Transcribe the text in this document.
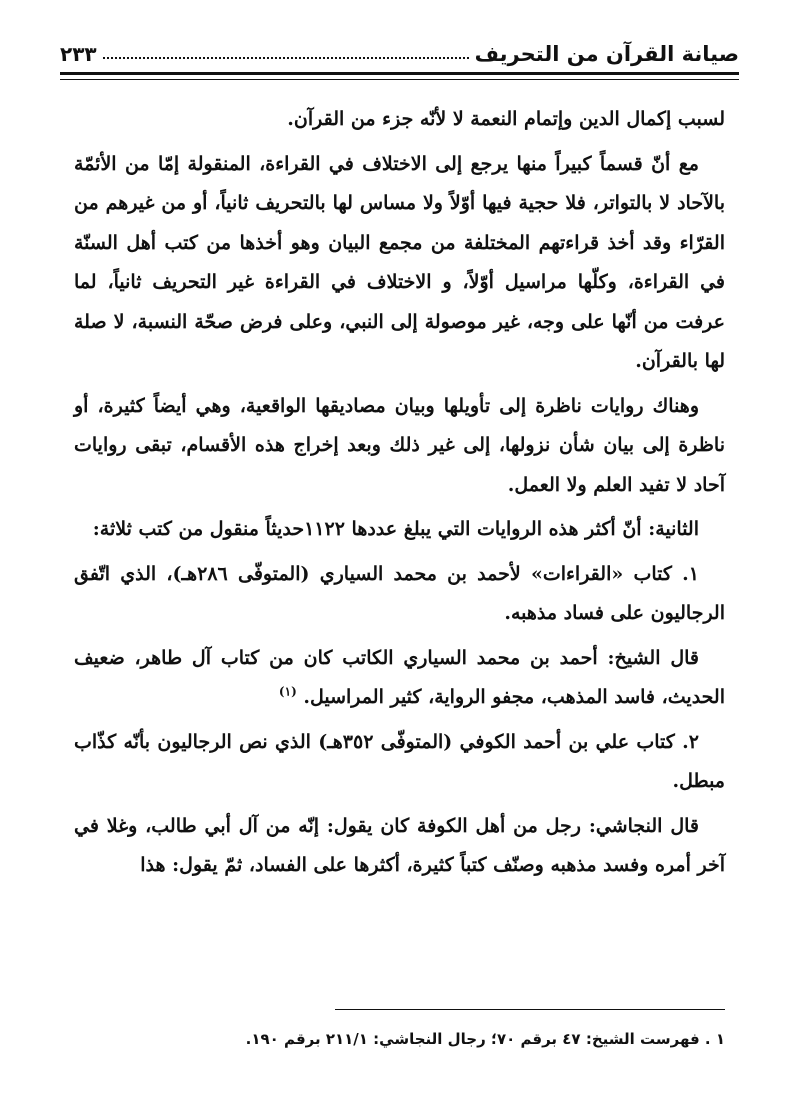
صيانة القرآن من التحريف
٢٣٣

لسبب إكمال الدين وإتمام النعمة لا لأنّه جزء من القرآن.

مع أنّ قسماً كبيراً منها يرجع إلى الاختلاف في القراءة، المنقولة إمّا من الأئمّة بالآحاد لا بالتواتر، فلا حجية فيها أوّلاً ولا مساس لها بالتحريف ثانياً، أو من غيرهم من القرّاء وقد أخذ قراءتهم المختلفة من مجمع البيان وهو أخذها من كتب أهل السنّة في القراءة، وكلّها مراسيل أوّلاً، و الاختلاف في القراءة غير التحريف ثانياً، لما عرفت من أنّها على وجه، غير موصولة إلى النبي، وعلى فرض صحّة النسبة، لا صلة لها بالقرآن.

وهناك روايات ناظرة إلى تأويلها وبيان مصاديقها الواقعية، وهي أيضاً كثيرة، أو ناظرة إلى بيان شأن نزولها، إلى غير ذلك وبعد إخراج هذه الأقسام، تبقى روايات آحاد لا تفيد العلم ولا العمل.

الثانية: أنّ أكثر هذه الروايات التي يبلغ عددها ١١٢٢حديثاً منقول من كتب ثلاثة:

١. كتاب «القراءات» لأحمد بن محمد السياري (المتوفّى ٢٨٦هـ)، الذي اتّفق الرجاليون على فساد مذهبه.

قال الشيخ: أحمد بن محمد السياري الكاتب كان من كتاب آل طاهر، ضعيف الحديث، فاسد المذهب، مجفو الرواية، كثير المراسيل. $^{(١)}$

٢. كتاب علي بن أحمد الكوفي (المتوفّى ٣٥٢هـ) الذي نص الرجاليون بأنّه كذّاب مبطل.

قال النجاشي: رجل من أهل الكوفة كان يقول: إنّه من آل أبي طالب، وغلا في آخر أمره وفسد مذهبه وصنّف كتباً كثيرة، أكثرها على الفساد، ثمّ يقول: هذا

١ . فهرست الشيخ: ٤٧ برقم ٧٠؛ رجال النجاشي: ٢١١/١ برقم ١٩٠.
